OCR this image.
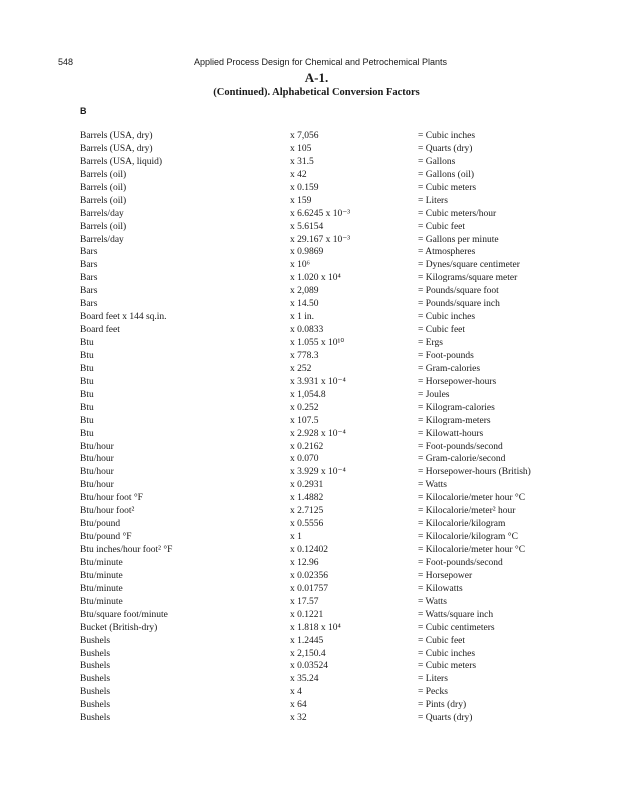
548	Applied Process Design for Chemical and Petrochemical Plants
A-1.
(Continued). Alphabetical Conversion Factors
B
Barrels (USA, dry)	x 7,056	= Cubic inches
Barrels (USA, dry)	x 105	= Quarts (dry)
Barrels (USA, liquid)	x 31.5	= Gallons
Barrels (oil)	x 42	= Gallons (oil)
Barrels (oil)	x 0.159	= Cubic meters
Barrels (oil)	x 159	= Liters
Barrels/day	x 6.6245 x 10⁻³	= Cubic meters/hour
Barrels (oil)	x 5.6154	= Cubic feet
Barrels/day	x 29.167 x 10⁻³	= Gallons per minute
Bars	x 0.9869	= Atmospheres
Bars	x 10⁶	= Dynes/square centimeter
Bars	x 1.020 x 10⁴	= Kilograms/square meter
Bars	x 2,089	= Pounds/square foot
Bars	x 14.50	= Pounds/square inch
Board feet x 144 sq.in.	x 1 in.	= Cubic inches
Board feet	x 0.0833	= Cubic feet
Btu	x 1.055 x 10¹⁰	= Ergs
Btu	x 778.3	= Foot-pounds
Btu	x 252	= Gram-calories
Btu	x 3.931 x 10⁻⁴	= Horsepower-hours
Btu	x 1,054.8	= Joules
Btu	x 0.252	= Kilogram-calories
Btu	x 107.5	= Kilogram-meters
Btu	x 2.928 x 10⁻⁴	= Kilowatt-hours
Btu/hour	x 0.2162	= Foot-pounds/second
Btu/hour	x 0.070	= Gram-calorie/second
Btu/hour	x 3.929 x 10⁻⁴	= Horsepower-hours (British)
Btu/hour	x 0.2931	= Watts
Btu/hour foot °F	x 1.4882	= Kilocalorie/meter hour °C
Btu/hour foot²	x 2.7125	= Kilocalorie/meter² hour
Btu/pound	x 0.5556	= Kilocalorie/kilogram
Btu/pound °F	x 1	= Kilocalorie/kilogram °C
Btu inches/hour foot² °F	x 0.12402	= Kilocalorie/meter hour °C
Btu/minute	x 12.96	= Foot-pounds/second
Btu/minute	x 0.02356	= Horsepower
Btu/minute	x 0.01757	= Kilowatts
Btu/minute	x 17.57	= Watts
Btu/square foot/minute	x 0.1221	= Watts/square inch
Bucket (British-dry)	x 1.818 x 10⁴	= Cubic centimeters
Bushels	x 1.2445	= Cubic feet
Bushels	x 2,150.4	= Cubic inches
Bushels	x 0.03524	= Cubic meters
Bushels	x 35.24	= Liters
Bushels	x 4	= Pecks
Bushels	x 64	= Pints (dry)
Bushels	x 32	= Quarts (dry)
